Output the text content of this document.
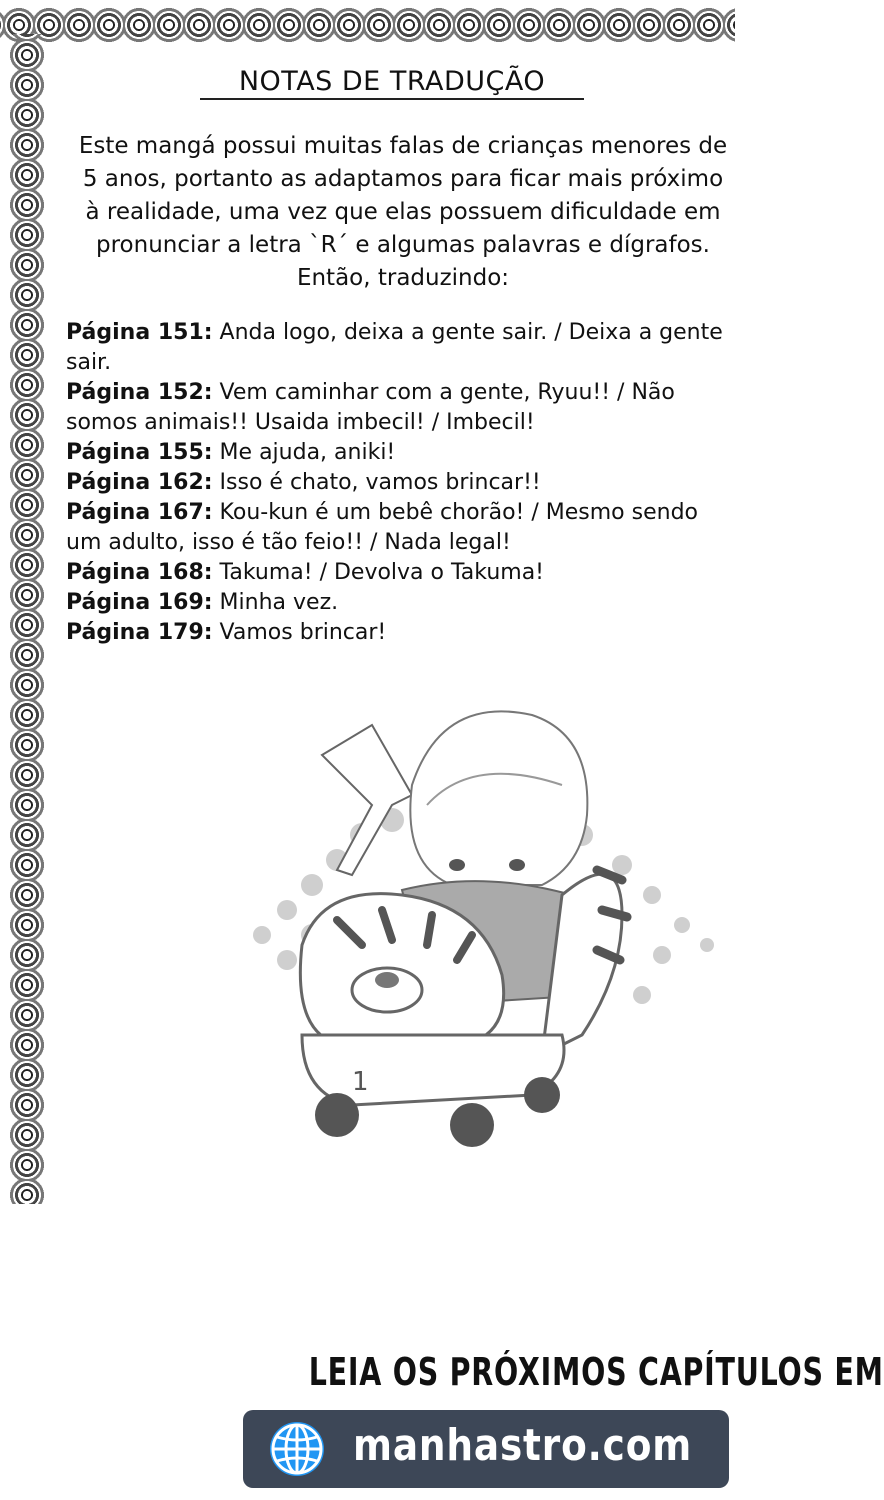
NOTAS DE TRADUÇÃO

Este mangá possui muitas falas de crianças menores de 5 anos, portanto as adaptamos para ficar mais próximo à realidade, uma vez que elas possuem dificuldade em pronunciar a letra `R´ e algumas palavras e dígrafos. Então, traduzindo:

Página 151: Anda logo, deixa a gente sair. / Deixa a gente sair.
Página 152: Vem caminhar com a gente, Ryuu!! / Não somos animais!! Usaida imbecil! / Imbecil!
Página 155: Me ajuda, aniki!
Página 162: Isso é chato, vamos brincar!!
Página 167: Kou-kun é um bebê chorão! / Mesmo sendo um adulto, isso é tão feio!! / Nada legal!
Página 168: Takuma! / Devolva o Takuma!
Página 169: Minha vez.
Página 179: Vamos brincar!
1

LEIA OS PRÓXIMOS CAPÍTULOS EM

manhastro.com
